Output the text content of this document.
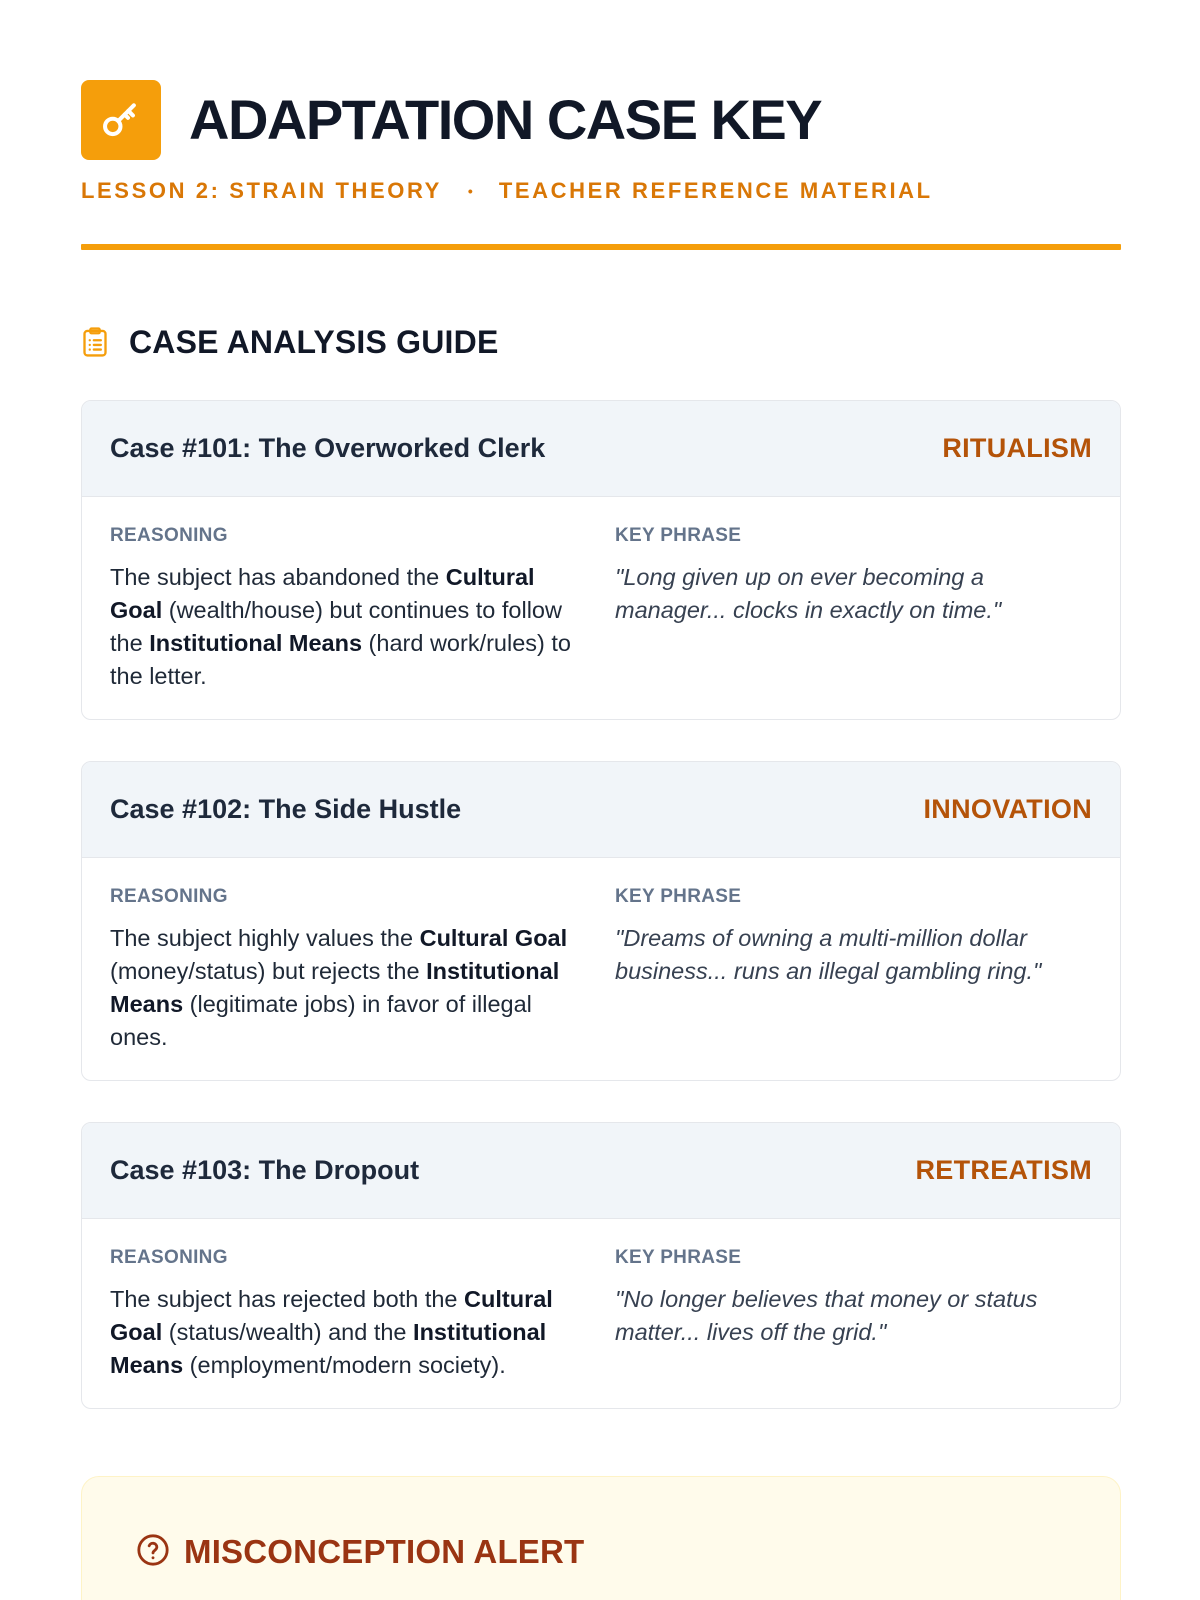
ADAPTATION CASE KEY
LESSON 2: STRAIN THEORY • TEACHER REFERENCE MATERIAL
CASE ANALYSIS GUIDE
Case #101: The Overworked Clerk	RITUALISM
REASONING

The subject has abandoned the Cultural Goal (wealth/house) but continues to follow the Institutional Means (hard work/rules) to the letter.

KEY PHRASE

"Long given up on ever becoming a manager... clocks in exactly on time."

Case #102: The Side Hustle	INNOVATION
REASONING

The subject highly values the Cultural Goal (money/status) but rejects the Institutional Means (legitimate jobs) in favor of illegal ones.

KEY PHRASE

"Dreams of owning a multi-million dollar business... runs an illegal gambling ring."

Case #103: The Dropout	RETREATISM
REASONING

The subject has rejected both the Cultural Goal (status/wealth) and the Institutional Means (employment/modern society).

KEY PHRASE

"No longer believes that money or status matter... lives off the grid."

MISCONCEPTION ALERT
